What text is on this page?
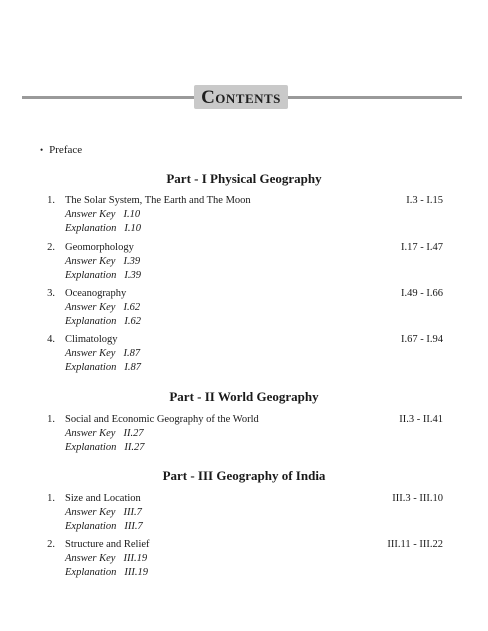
Contents
• Preface
Part - I Physical Geography
1. The Solar System, The Earth and The Moon	I.3 - I.15
Answer Key I.10
Explanation I.10
2. Geomorphology	I.17 - I.47
Answer Key I.39
Explanation I.39
3. Oceanography	I.49 - I.66
Answer Key I.62
Explanation I.62
4. Climatology	I.67 - I.94
Answer Key I.87
Explanation I.87
Part - II World Geography
1. Social and Economic Geography of the World	II.3 - II.41
Answer Key II.27
Explanation II.27
Part - III Geography of India
1. Size and Location	III.3 - III.10
Answer Key III.7
Explanation III.7
2. Structure and Relief	III.11 - III.22
Answer Key III.19
Explanation III.19
